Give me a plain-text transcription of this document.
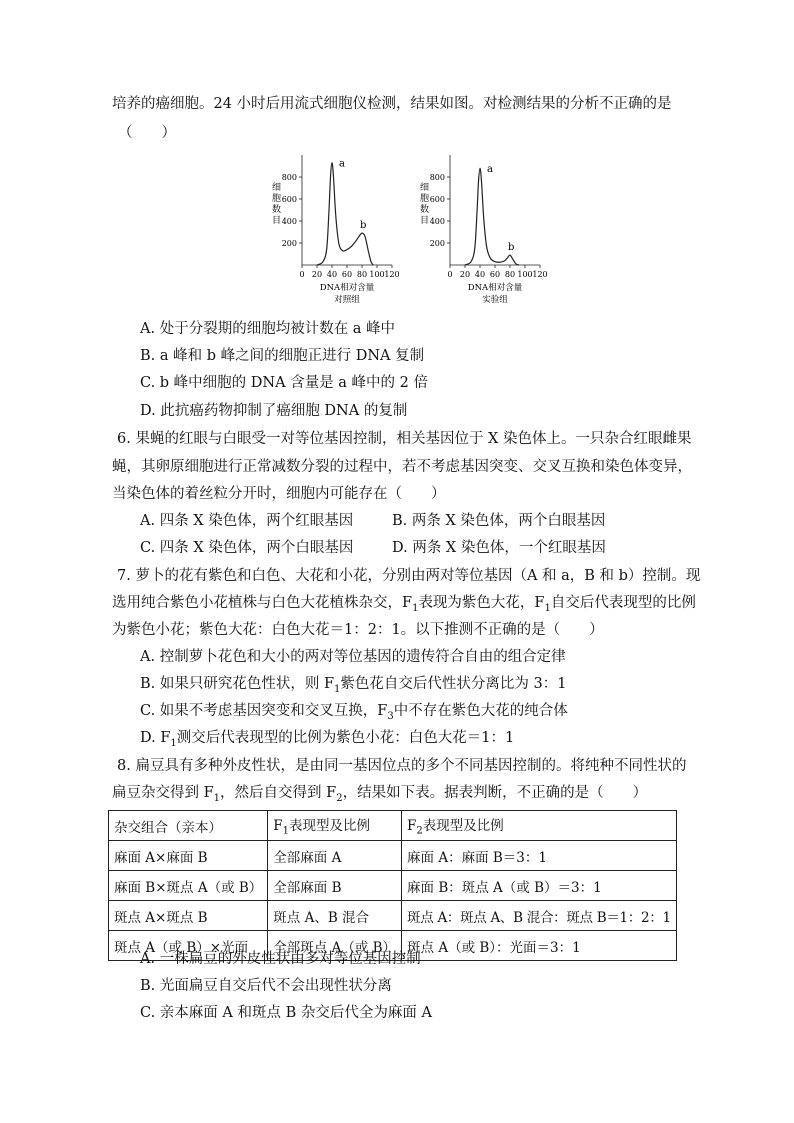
培养的癌细胞。24 小时后用流式细胞仪检测，结果如图。对检测结果的分析不正确的是
（　　）
细
胞
数
目
200
400
600
800
0 20 40 60 80 100 120
a
b
DNA相对含量
对照组
细
胞
数
目
200
400
600
800
0 20 40 60 80 100 120
a
b
DNA相对含量
实验组
A. 处于分裂期的细胞均被计数在 a 峰中
B. a 峰和 b 峰之间的细胞正进行 DNA 复制
C. b 峰中细胞的 DNA 含量是 a 峰中的 2 倍
D. 此抗癌药物抑制了癌细胞 DNA 的复制
6. 果蝇的红眼与白眼受一对等位基因控制，相关基因位于 X 染色体上。一只杂合红眼雌果
蝇，其卵原细胞进行正常减数分裂的过程中，若不考虑基因突变、交叉互换和染色体变异，
当染色体的着丝粒分开时，细胞内可能存在（　　）
A. 四条 X 染色体，两个红眼基因	B. 两条 X 染色体，两个白眼基因
C. 四条 X 染色体，两个白眼基因	D. 两条 X 染色体，一个红眼基因
7. 萝卜的花有紫色和白色、大花和小花，分别由两对等位基因（A 和 a，B 和 b）控制。现
选用纯合紫色小花植株与白色大花植株杂交，$F_1$表现为紫色大花，$F_1$自交后代表现型的比例
为紫色小花；紫色大花：白色大花＝1：2：1。以下推测不正确的是（　　）
A. 控制萝卜花色和大小的两对等位基因的遗传符合自由的组合定律
B. 如果只研究花色性状，则 $F_1$紫色花自交后代性状分离比为 3：1
C. 如果不考虑基因突变和交叉互换，$F_3$中不存在紫色大花的纯合体
D. $F_1$测交后代表现型的比例为紫色小花：白色大花＝1：1
8. 扁豆具有多种外皮性状，是由同一基因位点的多个不同基因控制的。将纯种不同性状的
扁豆杂交得到 $F_1$，然后自交得到 $F_2$，结果如下表。据表判断，不正确的是（　　）
杂交组合（亲本）	$F_1$表现型及比例	$F_2$表现型及比例
麻面 A×麻面 B	全部麻面 A	麻面 A：麻面 B＝3：1
麻面 B×斑点 A（或 B）	全部麻面 B	麻面 B：斑点 A（或 B）＝3：1
斑点 A×斑点 B	斑点 A、B 混合	斑点 A：斑点 A、B 混合：斑点 B＝1：2：1
斑点 A（或 B）×光面	全部斑点 A（或 B）	斑点 A（或 B）：光面＝3：1
A. 一株扁豆的外皮性状由多对等位基因控制
B. 光面扁豆自交后代不会出现性状分离
C. 亲本麻面 A 和斑点 B 杂交后代全为麻面 A
